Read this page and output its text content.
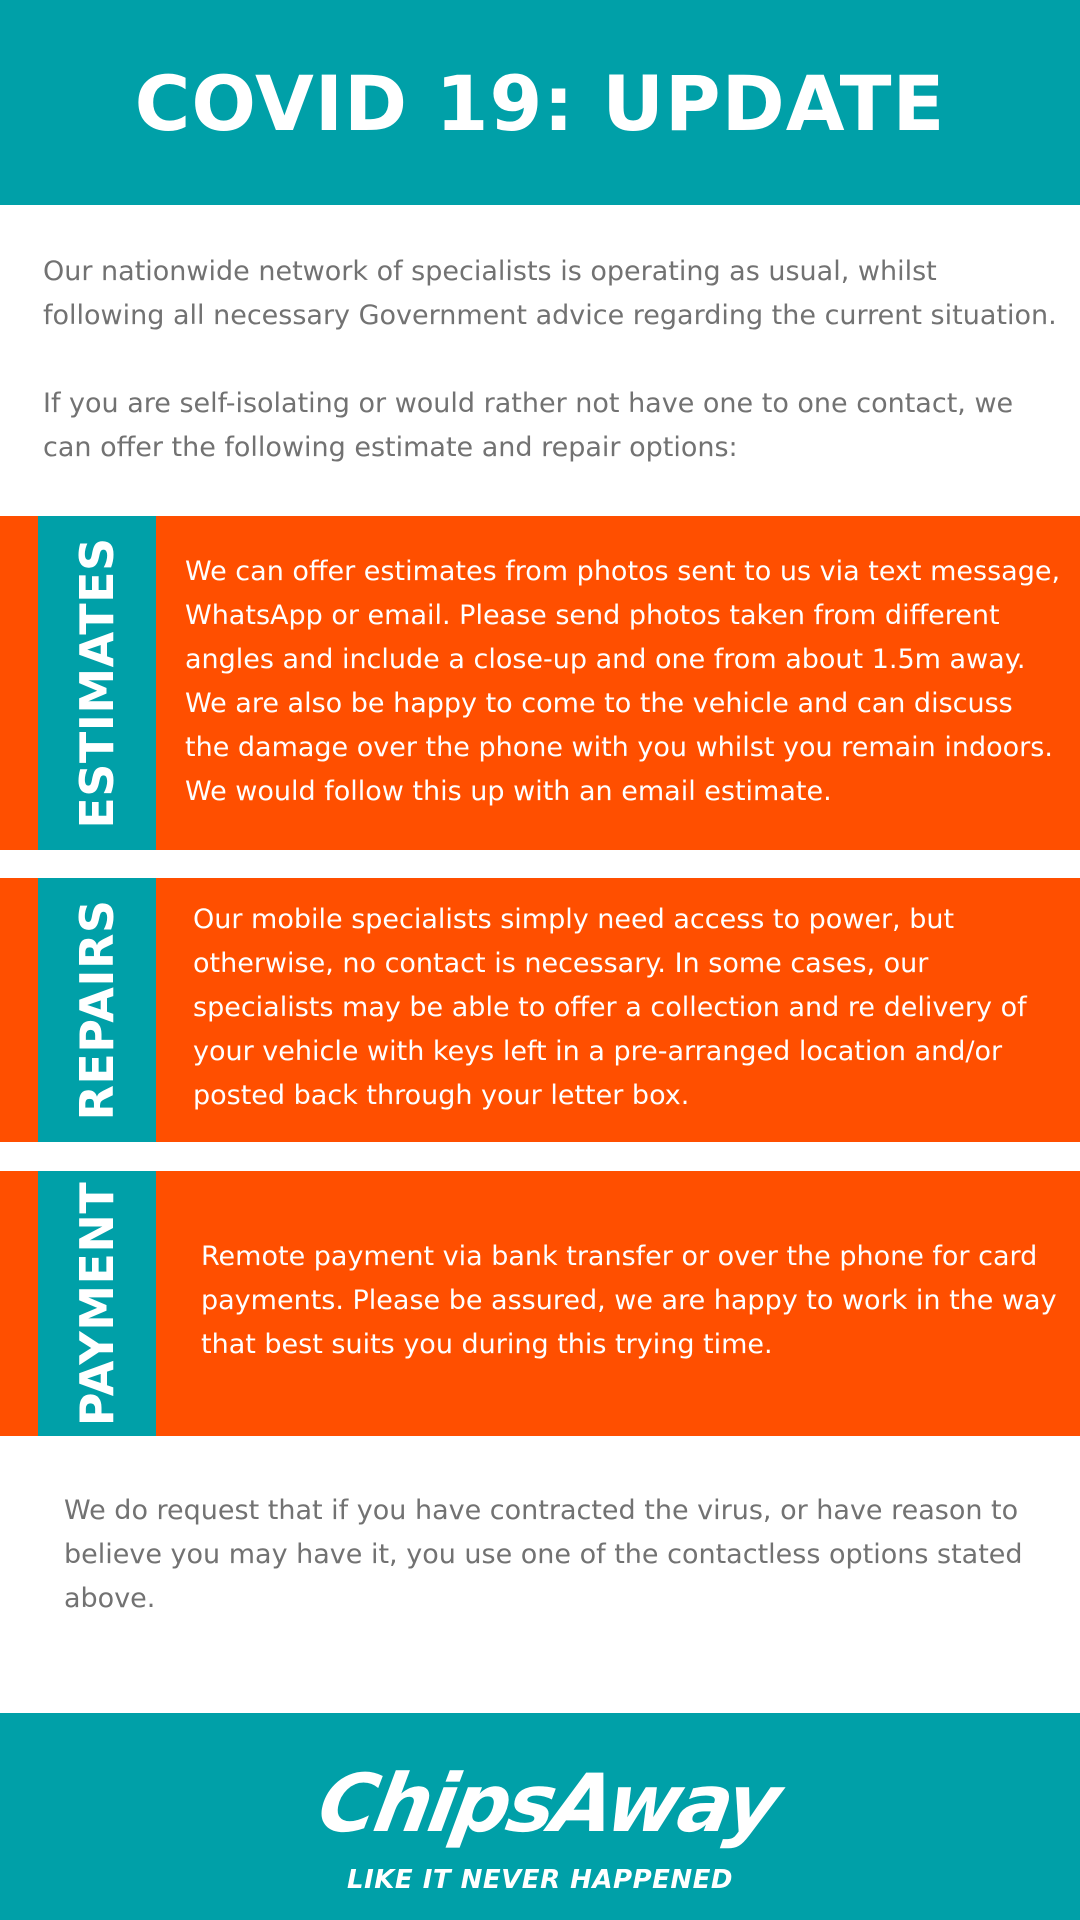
COVID 19: UPDATE

Our nationwide network of specialists is operating as usual, whilst following all necessary Government advice regarding the current situation.

If you are self-isolating or would rather not have one to one contact, we can offer the following estimate and repair options:

ESTIMATES We can offer estimates from photos sent to us via text message, WhatsApp or email. Please send photos taken from different angles and include a close-up and one from about 1.5m away. We are also be happy to come to the vehicle and can discuss the damage over the phone with you whilst you remain indoors. We would follow this up with an email estimate.
REPAIRS	Our mobile specialists simply need access to power, but otherwise, no contact is necessary. In some cases, our specialists may be able to offer a collection and re delivery of your vehicle with keys left in a pre-arranged location and/or posted back through your letter box.
PAYMENT	Remote payment via bank transfer or over the phone for card payments. Please be assured, we are happy to work in the way that best suits you during this trying time.

We do request that if you have contracted the virus, or have reason to believe you may have it, you use one of the contactless options stated above.

ChipsAway
LIKE IT NEVER HAPPENED
